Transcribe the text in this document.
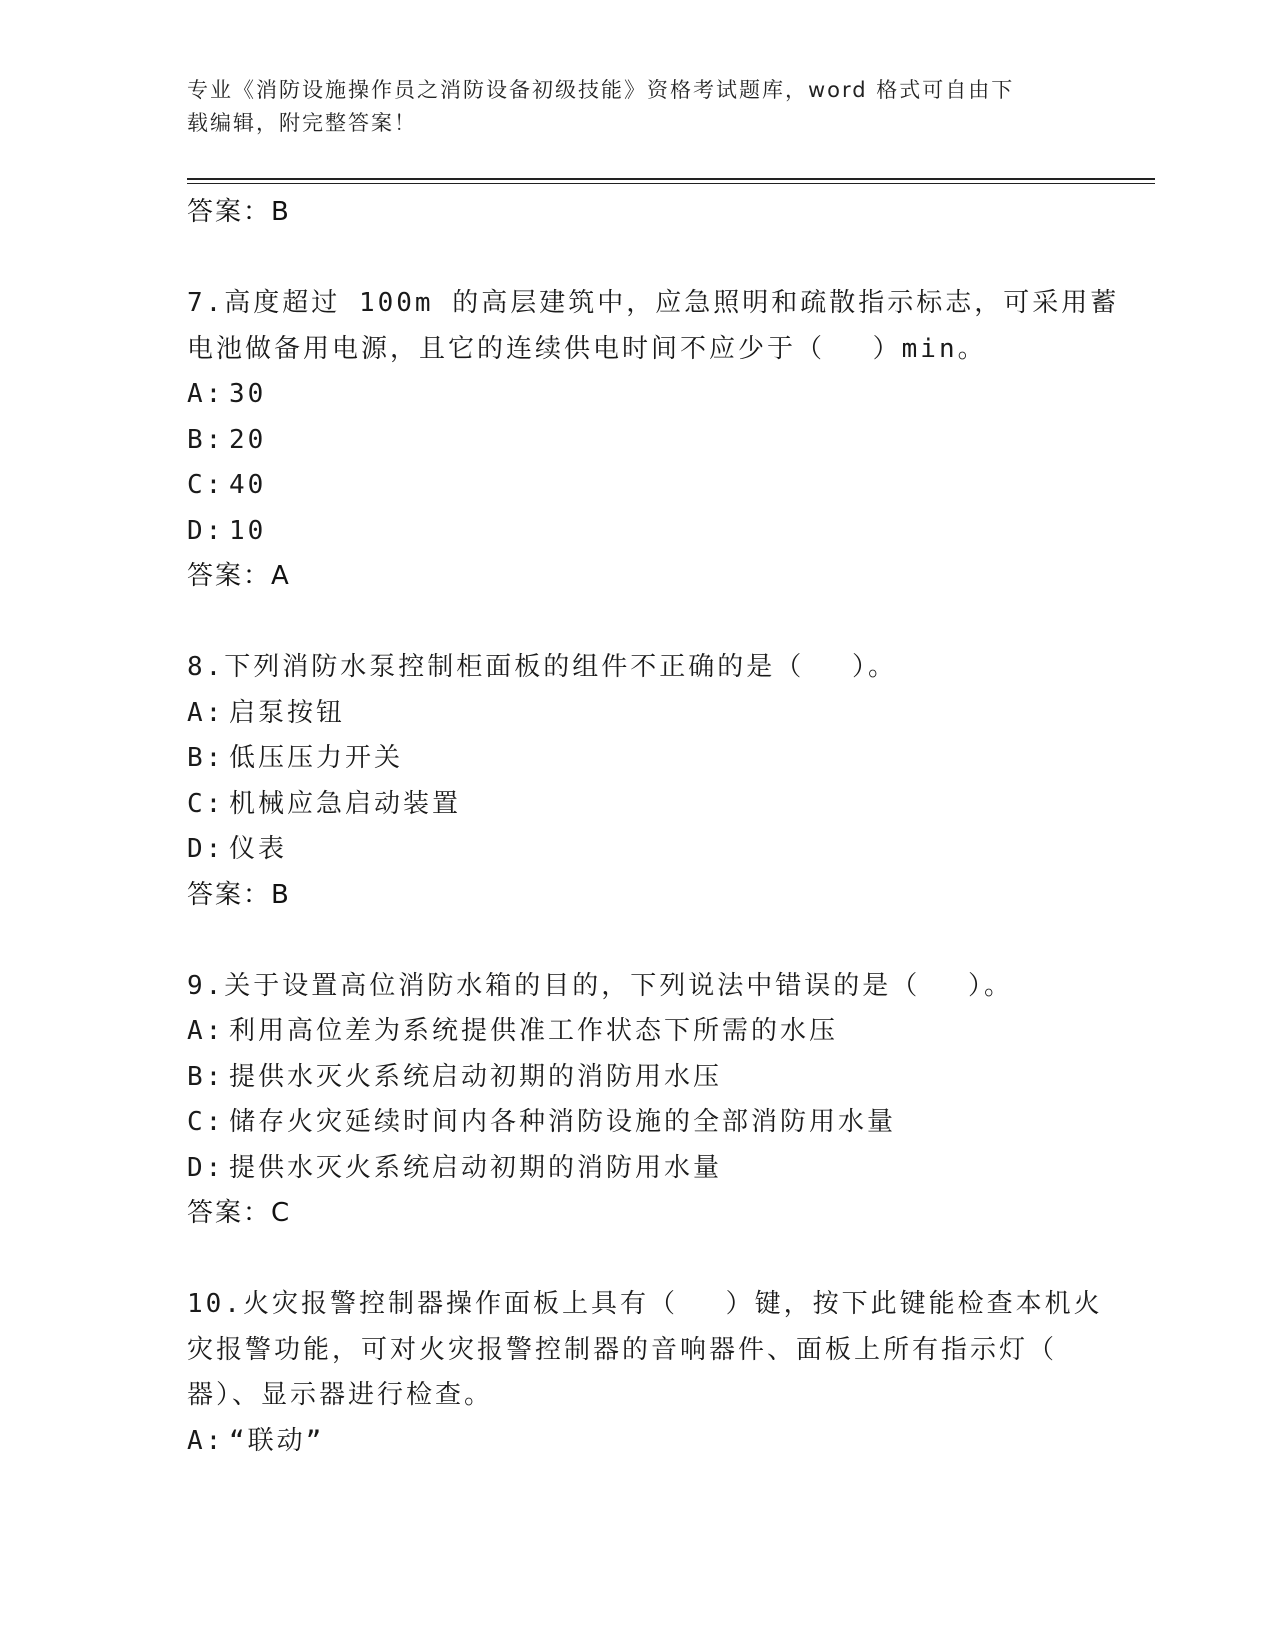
专业《消防设施操作员之消防设备初级技能》资格考试题库，word 格式可自由下
载编辑，附完整答案！
答案：B
7.高度超过 100m 的高层建筑中，应急照明和疏散指示标志，可采用蓄
电池做备用电源，且它的连续供电时间不应少于（　 ）min。
A: 30
B: 20
C: 40
D: 10
答案：A
8.下列消防水泵控制柜面板的组件不正确的是（　 ）。
A: 启泵按钮
B: 低压压力开关
C: 机械应急启动装置
D: 仪表
答案：B
9.关于设置高位消防水箱的目的，下列说法中错误的是（　 ）。
A: 利用高位差为系统提供准工作状态下所需的水压
B: 提供水灭火系统启动初期的消防用水压
C: 储存火灾延续时间内各种消防设施的全部消防用水量
D: 提供水灭火系统启动初期的消防用水量
答案：C
10.火灾报警控制器操作面板上具有（　 ）键，按下此键能检查本机火
灾报警功能，可对火灾报警控制器的音响器件、面板上所有指示灯（
器）、显示器进行检查。
A: “联动”
